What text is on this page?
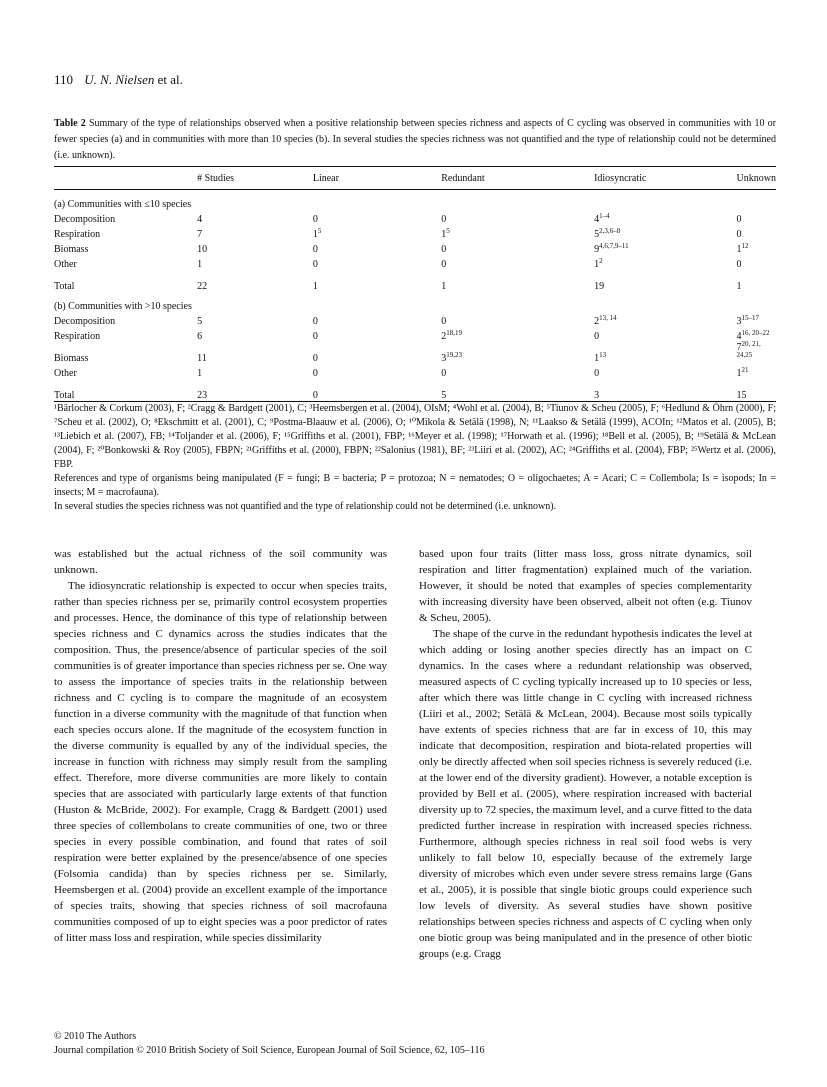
110 U. N. Nielsen et al.
Table 2 Summary of the type of relationships observed when a positive relationship between species richness and aspects of C cycling was observed in communities with 10 or fewer species (a) and in communities with more than 10 species (b). In several studies the species richness was not quantified and the type of relationship could not be determined (i.e. unknown).
	# Studies	Linear	Redundant	Idiosyncratic	Unknown
(a) Communities with ≤10 species					
Decomposition	4	0	0	4$^{1-4}$	0
Respiration	7	$1^5$	$1^5$	5$^{2,3,6-8}$	0
Biomass	10	0	0	9$^{4,6,7,9-11}$	$1^{12}$
Other	1	0	0	$1^2$	0
Total	22	1	1	19	1
(b) Communities with >10 species					
Decomposition	5	0	0	2$^{13, 14}$	3$^{15-17}$
Respiration	6	0	2$^{18,19}$	0	4$^{16, 20-22}$
Biomass	11	0	3$^{19,23}$	$1^{13}$	7$^{20, 21, 24,25}$
Other	1	0	0	0	$1^{21}$
Total	23	0	5	3	15

¹Bärlocher & Corkum (2003), F; ²Cragg & Bardgett (2001), C; ³Heemsbergen et al. (2004), OIsM; ⁴Wohl et al. (2004), B; ⁵Tiunov & Scheu (2005), F; ⁶Hedlund & Öhrn (2000), F; ⁷Scheu et al. (2002), O; ⁸Ekschmitt et al. (2001), C; ⁹Postma-Blaauw et al. (2006), O; ¹⁰Mikola & Setälä (1998), N; ¹¹Laakso & Setälä (1999), ACOIn; ¹²Matos et al. (2005), B; ¹³Liebich et al. (2007), FB; ¹⁴Toljander et al. (2006), F; ¹⁵Griffiths et al. (2001), FBP; ¹⁶Meyer et al. (1998); ¹⁷Horwath et al. (1996); ¹⁸Bell et al. (2005), B; ¹⁹Setälä & McLean (2004), F; ²⁰Bonkowski & Roy (2005), FBPN; ²¹Griffiths et al. (2000), FBPN; ²²Salonius (1981), BF; ²³Liiri et al. (2002), AC; ²⁴Griffiths et al. (2004), FBP; ²⁵Wertz et al. (2006), FBP.

References and type of organisms being manipulated (F = fungi; B = bacteria; P = protozoa; N = nematodes; O = oligochaetes; A = Acari; C = Collembola; Is = isopods; In = insects; M = macrofauna).

In several studies the species richness was not quantified and the type of relationship could not be determined (i.e. unknown).

was established but the actual richness of the soil community was unknown.

The idiosyncratic relationship is expected to occur when species traits, rather than species richness per se, primarily control ecosystem properties and processes. Hence, the dominance of this type of relationship between species richness and C dynamics across the studies indicates that the composition. Thus, the presence/absence of particular species of the soil communities is of greater importance than species richness per se. One way to assess the importance of species traits in the relationship between richness and C cycling is to compare the magnitude of an ecosystem function in a diverse community with the magnitude of that function when each species occurs alone. If the magnitude of the ecosystem function in the diverse community is equalled by any of the individual species, the increase in function with richness may simply result from the sampling effect. Therefore, more diverse communities are more likely to contain species that are associated with particularly large extents of that function (Huston & McBride, 2002). For example, Cragg & Bardgett (2001) used three species of collembolans to create communities of one, two or three species in every possible combination, and found that rates of soil respiration were better explained by the presence/absence of one species (Folsomia candida) than by species richness per se. Similarly, Heemsbergen et al. (2004) provide an excellent example of the importance of species traits, showing that species richness of soil macrofauna communities composed of up to eight species was a poor predictor of rates of litter mass loss and respiration, while species dissimilarity

based upon four traits (litter mass loss, gross nitrate dynamics, soil respiration and litter fragmentation) explained much of the variation. However, it should be noted that examples of species complementarity with increasing diversity have been observed, albeit not often (e.g. Tiunov & Scheu, 2005).

The shape of the curve in the redundant hypothesis indicates the level at which adding or losing another species directly has an impact on C dynamics. In the cases where a redundant relationship was observed, measured aspects of C cycling typically increased up to 10 species or less, after which there was little change in C cycling with increased richness (Liiri et al., 2002; Setälä & McLean, 2004). Because most soils typically have extents of species richness that are far in excess of 10, this may indicate that decomposition, respiration and biota-related properties will only be directly affected when soil species richness is severely reduced (i.e. at the lower end of the diversity gradient). However, a notable exception is provided by Bell et al. (2005), where respiration increased with bacterial diversity up to 72 species, the maximum level, and a curve fitted to the data predicted further increase in respiration with increased species richness. Furthermore, although species richness in real soil food webs is very unlikely to fall below 10, especially because of the extremely large diversity of microbes which even under severe stress remains large (Gans et al., 2005), it is possible that single biotic groups could experience such low levels of diversity. As several studies have shown positive relationships between species richness and aspects of C cycling when only one biotic group was being manipulated and in the presence of other biotic groups (e.g. Cragg

© 2010 The Authors
Journal compilation © 2010 British Society of Soil Science, European Journal of Soil Science, 62, 105–116
